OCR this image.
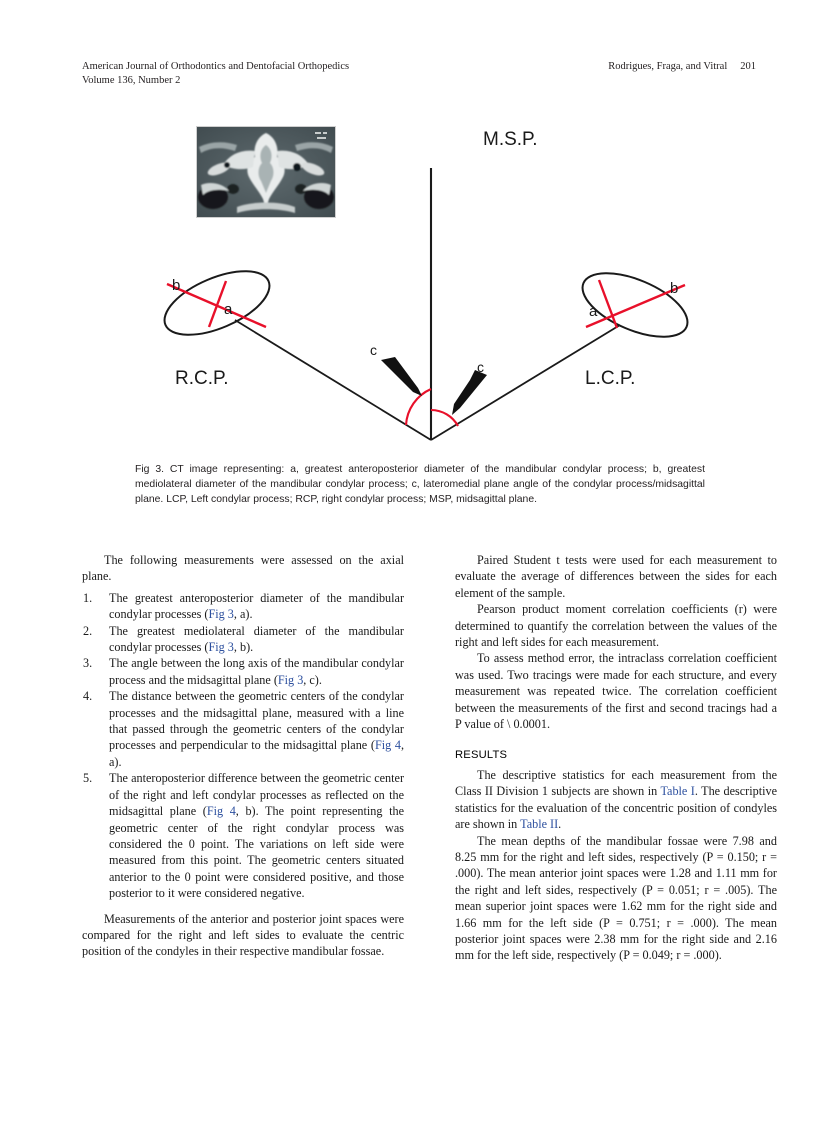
American Journal of Orthodontics and Dentofacial Orthopedics
Volume 136, Number 2
Rodrigues, Fraga, and Vitral 201
b
a
b
a
c
c
M.S.P.
R.C.P.	L.C.P.
Fig 3. CT image representing: a, greatest anteroposterior diameter of the mandibular condylar process; b, greatest mediolateral diameter of the mandibular condylar process; c, lateromedial plane angle of the condylar process/midsagittal plane. LCP, Left condylar process; RCP, right condylar process; MSP, midsagittal plane.

The following measurements were assessed on the axial plane.

1.	The greatest anteroposterior diameter of the mandibular condylar processes (Fig 3, a).
2.	The greatest mediolateral diameter of the mandibular condylar processes (Fig 3, b).
3.	The angle between the long axis of the mandibular condylar process and the midsagittal plane (Fig 3, c).
4.	The distance between the geometric centers of the condylar processes and the midsagittal plane, measured with a line that passed through the geometric centers of the condylar processes and perpendicular to the midsagittal plane (Fig 4, a).
5.	The anteroposterior difference between the geometric center of the right and left condylar processes as reflected on the midsagittal plane (Fig 4, b). The point representing the geometric center of the right condylar process was considered the 0 point. The variations on left side were measured from this point. The geometric centers situated anterior to the 0 point were considered positive, and those posterior to it were considered negative.

Measurements of the anterior and posterior joint spaces were compared for the right and left sides to evaluate the centric position of the condyles in their respective mandibular fossae.

Paired Student t tests were used for each measurement to evaluate the average of differences between the sides for each element of the sample.

Pearson product moment correlation coefficients (r) were determined to quantify the correlation between the values of the right and left sides for each measurement.

To assess method error, the intraclass correlation coefficient was used. Two tracings were made for each structure, and every measurement was repeated twice. The correlation coefficient between the measurements of the first and second tracings had a P value of \ 0.0001.

RESULTS

The descriptive statistics for each measurement from the Class II Division 1 subjects are shown in Table I. The descriptive statistics for the evaluation of the concentric position of condyles are shown in Table II.

The mean depths of the mandibular fossae were 7.98 and 8.25 mm for the right and left sides, respectively (P = 0.150; r = .000). The mean anterior joint spaces were 1.28 and 1.11 mm for the right and left sides, respectively (P = 0.051; r = .005). The mean superior joint spaces were 1.62 mm for the right side and 1.66 mm for the left side (P = 0.751; r = .000). The mean posterior joint spaces were 2.38 mm for the right side and 2.16 mm for the left side, respectively (P = 0.049; r = .000).
